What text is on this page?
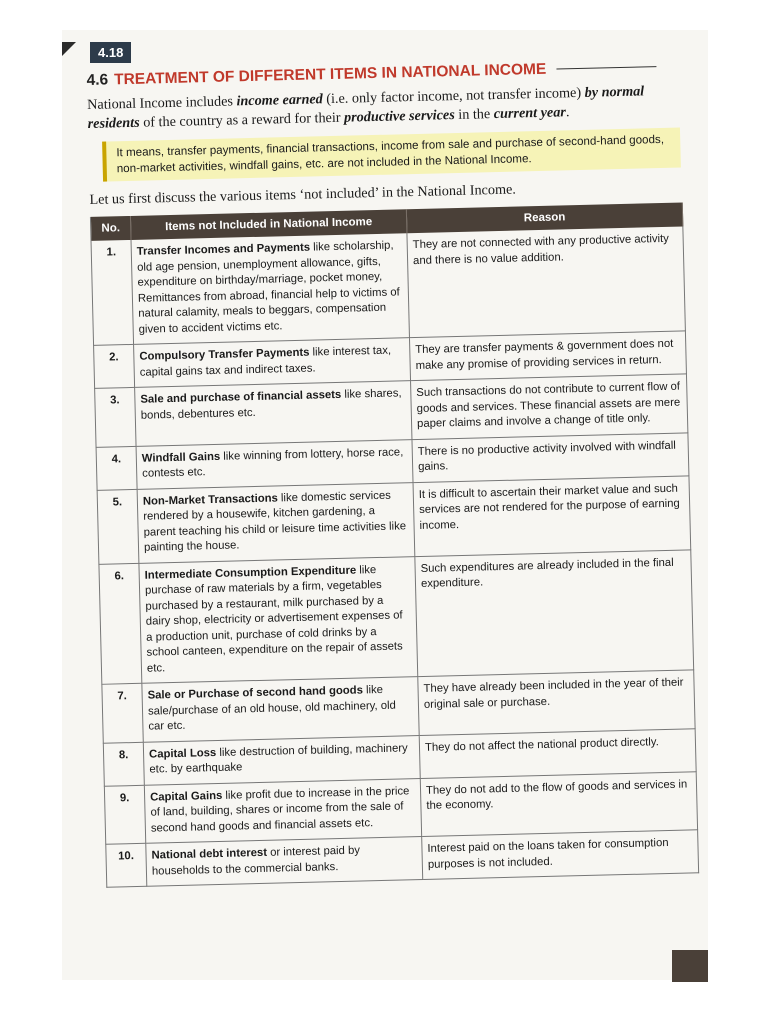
4.18
4.6 TREATMENT OF DIFFERENT ITEMS IN NATIONAL INCOME
National Income includes income earned (i.e. only factor income, not transfer income) by normal residents of the country as a reward for their productive services in the current year.
It means, transfer payments, financial transactions, income from sale and purchase of second-hand goods, non-market activities, windfall gains, etc. are not included in the National Income.
Let us first discuss the various items ‘not included’ in the National Income.
No.	Items not Included in National Income	Reason
1.	Transfer Incomes and Payments like scholarship, old age pension, unemployment allowance, gifts, expenditure on birthday/marriage, pocket money, Remittances from abroad, financial help to victims of natural calamity, meals to beggars, compensation given to accident victims etc.	They are not connected with any productive activity and there is no value addition.
2.	Compulsory Transfer Payments like interest tax, capital gains tax and indirect taxes.	They are transfer payments & government does not make any promise of providing services in return.
3.	Sale and purchase of financial assets like shares, bonds, debentures etc.	Such transactions do not contribute to current flow of goods and services. These financial assets are mere paper claims and involve a change of title only.
4.	Windfall Gains like winning from lottery, horse race, contests etc.	There is no productive activity involved with windfall gains.
5.	Non-Market Transactions like domestic services rendered by a housewife, kitchen gardening, a parent teaching his child or leisure time activities like painting the house.	It is difficult to ascertain their market value and such services are not rendered for the purpose of earning income.
6.	Intermediate Consumption Expenditure like purchase of raw materials by a firm, vegetables purchased by a restaurant, milk purchased by a dairy shop, electricity or advertisement expenses of a production unit, purchase of cold drinks by a school canteen, expenditure on the repair of assets etc.	Such expenditures are already included in the final expenditure.
7.	Sale or Purchase of second hand goods like sale/purchase of an old house, old machinery, old car etc.	They have already been included in the year of their original sale or purchase.
8.	Capital Loss like destruction of building, machinery etc. by earthquake	They do not affect the national product directly.
9.	Capital Gains like profit due to increase in the price of land, building, shares or income from the sale of second hand goods and financial assets etc.	They do not add to the flow of goods and services in the economy.
10.	National debt interest or interest paid by households to the commercial banks.	Interest paid on the loans taken for consumption purposes is not included.
